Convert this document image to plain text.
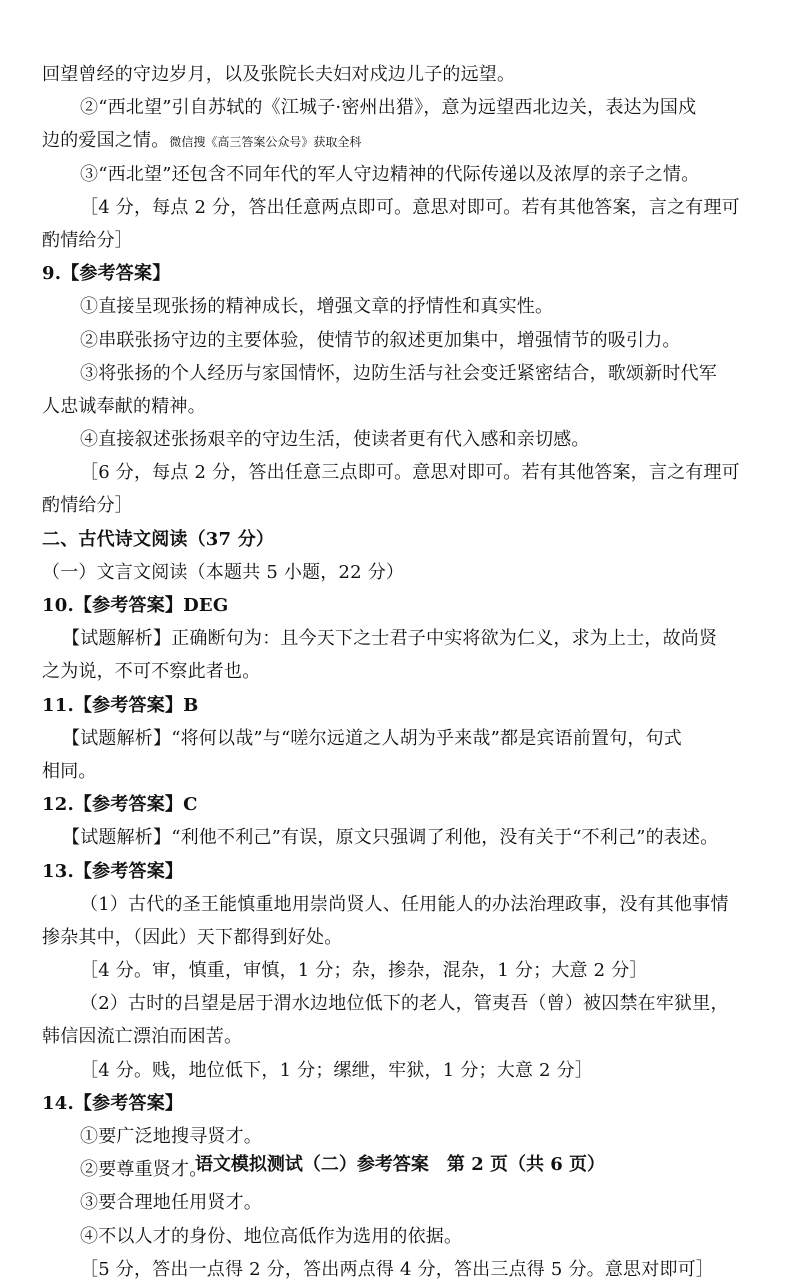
回望曾经的守边岁月，以及张院长夫妇对戍边儿子的远望。
②“西北望”引自苏轼的《江城子·密州出猎》，意为远望西北边关，表达为国戍
边的爱国之情。微信搜《高三答案公众号》获取全科
③“西北望”还包含不同年代的军人守边精神的代际传递以及浓厚的亲子之情。
［4 分，每点 2 分，答出任意两点即可。意思对即可。若有其他答案，言之有理可
酌情给分］
9.【参考答案】
①直接呈现张扬的精神成长，增强文章的抒情性和真实性。
②串联张扬守边的主要体验，使情节的叙述更加集中，增强情节的吸引力。
③将张扬的个人经历与家国情怀，边防生活与社会变迁紧密结合，歌颂新时代军
人忠诚奉献的精神。
④直接叙述张扬艰辛的守边生活，使读者更有代入感和亲切感。
［6 分，每点 2 分，答出任意三点即可。意思对即可。若有其他答案，言之有理可
酌情给分］
二、古代诗文阅读（37 分）
（一）文言文阅读（本题共 5 小题，22 分）
10.【参考答案】DEG
【试题解析】正确断句为：且今天下之士君子中实将欲为仁义，求为上士，故尚贤
之为说，不可不察此者也。
11.【参考答案】B
【试题解析】“将何以哉”与“嗟尔远道之人胡为乎来哉”都是宾语前置句，句式
相同。
12.【参考答案】C
【试题解析】“利他不利己”有误，原文只强调了利他，没有关于“不利己”的表述。
13.【参考答案】
（1）古代的圣王能慎重地用崇尚贤人、任用能人的办法治理政事，没有其他事情
掺杂其中，（因此）天下都得到好处。
［4 分。审，慎重，审慎，1 分；杂，掺杂，混杂，1 分；大意 2 分］
（2）古时的吕望是居于渭水边地位低下的老人，管夷吾（曾）被囚禁在牢狱里，
韩信因流亡漂泊而困苦。
［4 分。贱，地位低下，1 分；缧绁，牢狱，1 分；大意 2 分］
14.【参考答案】
①要广泛地搜寻贤才。
②要尊重贤才。
③要合理地任用贤才。
④不以人才的身份、地位高低作为选用的依据。
［5 分，答出一点得 2 分，答出两点得 4 分，答出三点得 5 分。意思对即可］
语文模拟测试（二）参考答案　第 2 页（共 6 页）
